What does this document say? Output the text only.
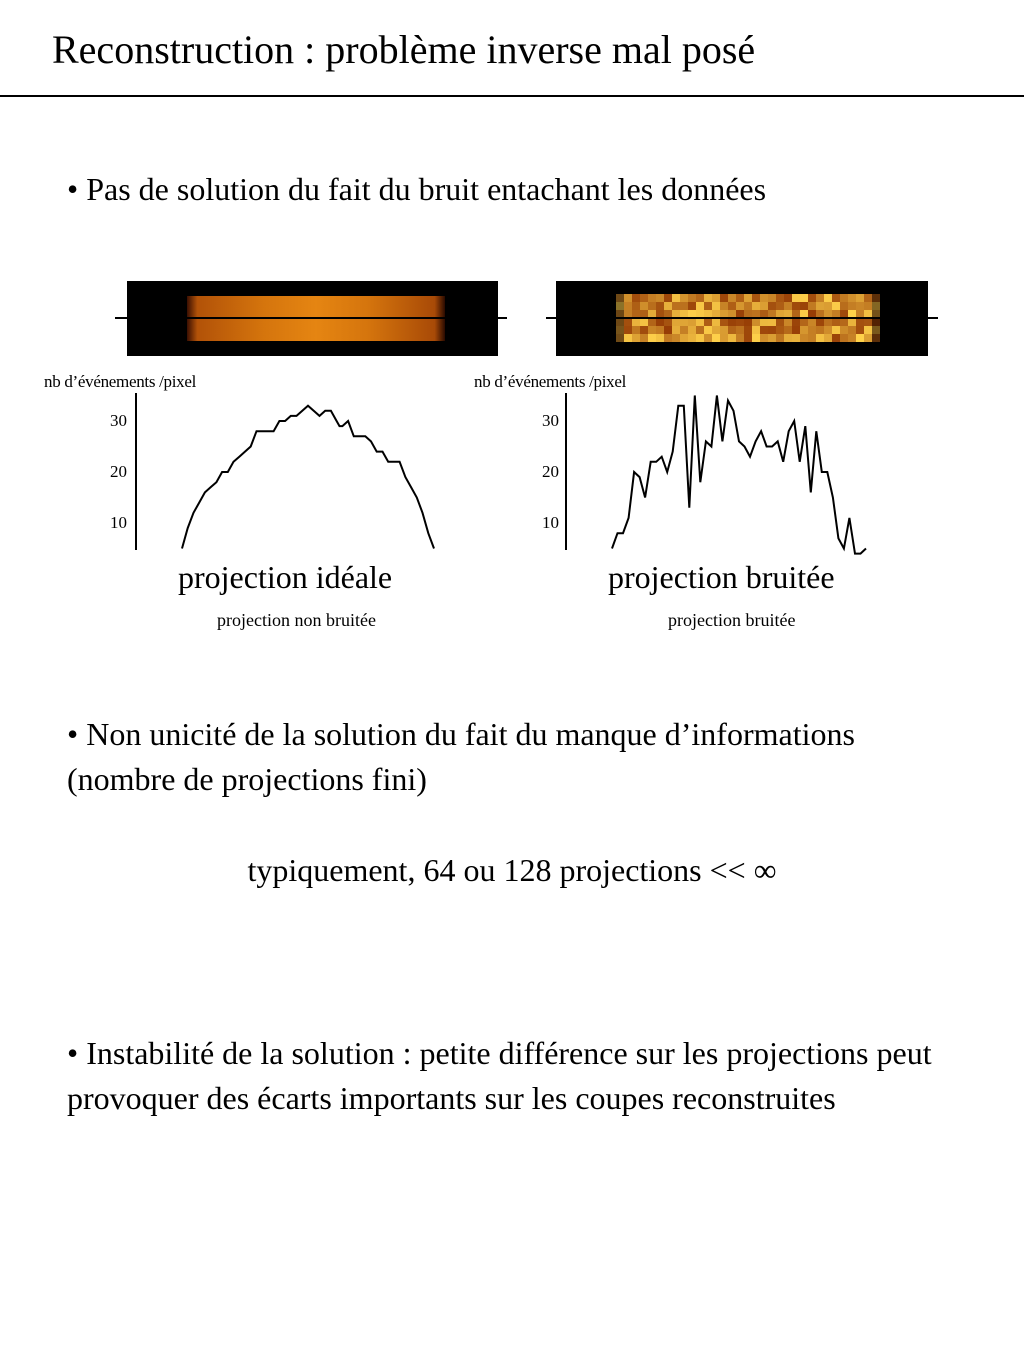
Reconstruction : problème inverse mal posé
• Pas de solution du fait du bruit entachant les données
nb d’événements /pixel
30
20
10
projection idéale
projection non bruitée
nb d’événements /pixel
30
20
10
projection bruitée
projection bruitée
• Non unicité de la solution du fait du manque d’informations (nombre de projections fini)
typiquement, 64 ou 128 projections << ∞
• Instabilité de la solution : petite différence sur les projections peut provoquer des écarts importants sur les coupes reconstruites
